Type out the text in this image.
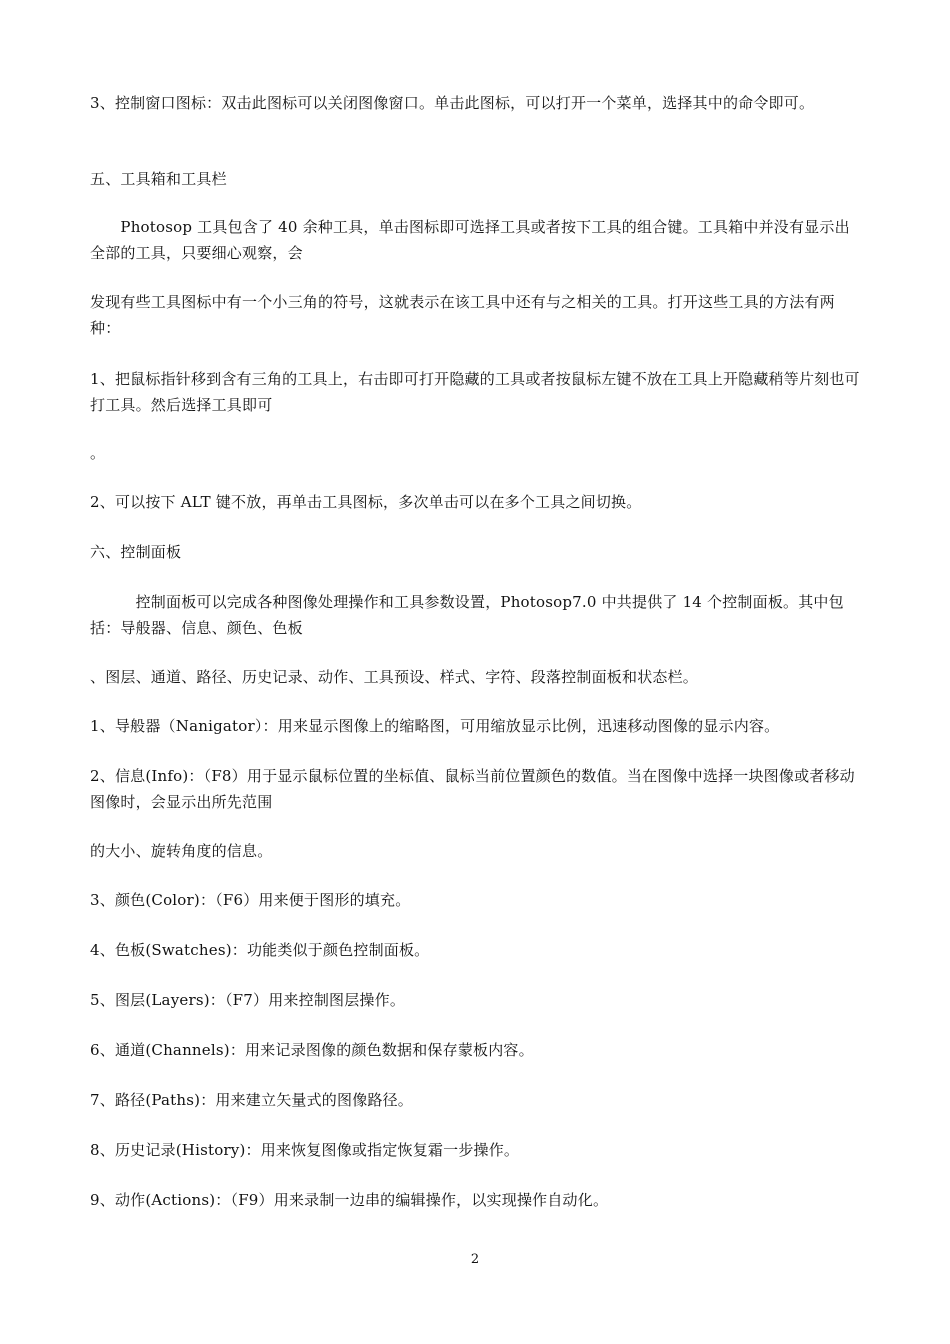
3、控制窗口图标：双击此图标可以关闭图像窗口。单击此图标，可以打开一个菜单，选择其中的命令即可。

五、工具箱和工具栏

　　Photosop 工具包含了 40 余种工具，单击图标即可选择工具或者按下工具的组合键。工具箱中并没有显示出全部的工具，只要细心观察，会

发现有些工具图标中有一个小三角的符号，这就表示在该工具中还有与之相关的工具。打开这些工具的方法有两种：

1、把鼠标指针移到含有三角的工具上，右击即可打开隐藏的工具或者按鼠标左键不放在工具上开隐藏稍等片刻也可打工具。然后选择工具即可

。

2、可以按下 ALT 键不放，再单击工具图标，多次单击可以在多个工具之间切换。

六、控制面板

　　　控制面板可以完成各种图像处理操作和工具参数设置，Photosop7.0 中共提供了 14 个控制面板。其中包括：导般器、信息、颜色、色板

、图层、通道、路径、历史记录、动作、工具预设、样式、字符、段落控制面板和状态栏。

1、导般器（Nanigator）：用来显示图像上的缩略图，可用缩放显示比例，迅速移动图像的显示内容。

2、信息(Info)：（F8）用于显示鼠标位置的坐标值、鼠标当前位置颜色的数值。当在图像中选择一块图像或者移动图像时，会显示出所先范围

的大小、旋转角度的信息。

3、颜色(Color)：（F6）用来便于图形的填充。

4、色板(Swatches)：功能类似于颜色控制面板。

5、图层(Layers)：（F7）用来控制图层操作。

6、通道(Channels)：用来记录图像的颜色数据和保存蒙板内容。

7、路径(Paths)：用来建立矢量式的图像路径。

8、历史记录(History)：用来恢复图像或指定恢复霜一步操作。

9、动作(Actions)：（F9）用来录制一边串的编辑操作，以实现操作自动化。

2
